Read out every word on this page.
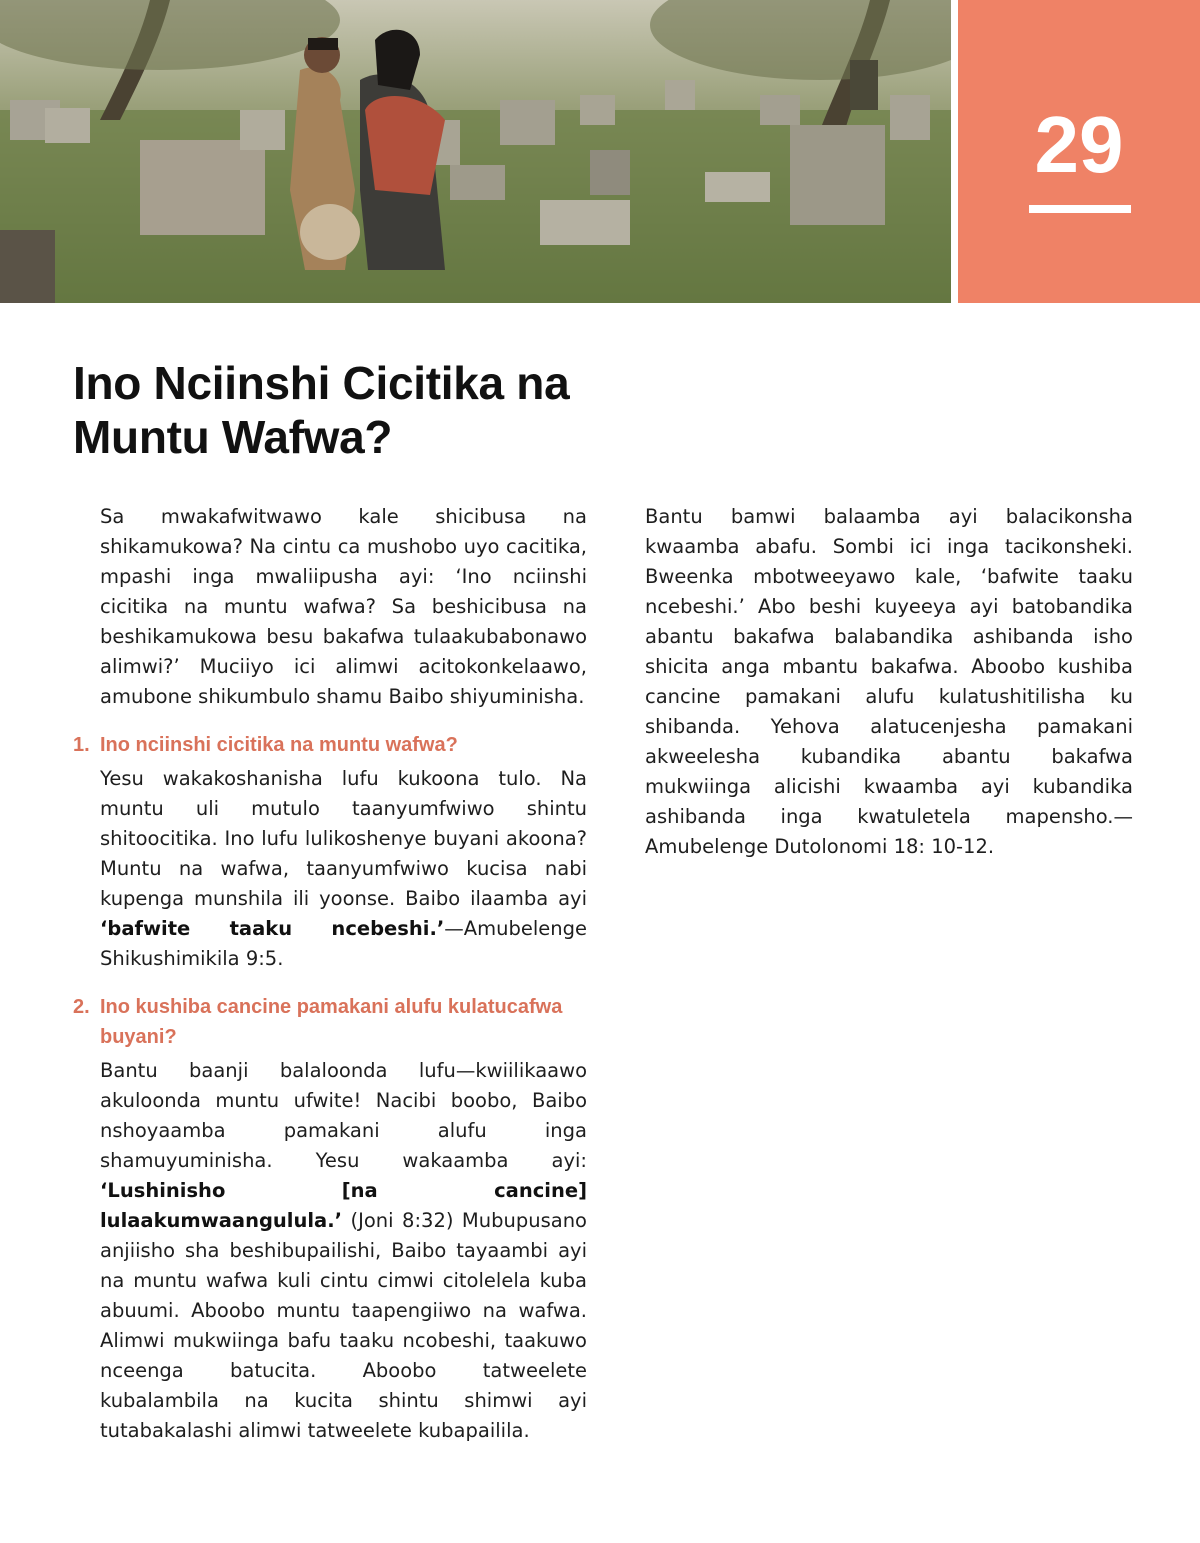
29
Ino Nciinshi Cicitika na
Muntu Wafwa?

Sa mwakafwitwawo kale shicibusa na shikamukowa? Na cintu ca mushobo uyo cacitika, mpashi inga mwaliipusha ayi: ‘Ino nciinshi cicitika na muntu wafwa? Sa beshicibusa na beshikamukowa besu bakafwa tulaakubabonawo alimwi?’ Muciiyo ici alimwi acitokonkelaawo, amubone shikumbulo shamu Baibo shiyuminisha.

1. Ino nciinshi cicitika na muntu wafwa?

Yesu wakakoshanisha lufu kukoona tulo. Na muntu uli mutulo taanyumfwiwo shintu shitoocitika. Ino lufu lulikoshenye buyani akoona? Muntu na wafwa, taanyumfwiwo kucisa nabi kupenga munshila ili yoonse. Baibo ilaamba ayi ‘bafwite taaku ncebeshi.’—Amubelenge Shikushimikila 9:5.

2. Ino kushiba cancine pamakani alufu kulatucafwa buyani?

Bantu baanji balaloonda lufu—kwiilikaawo akuloonda muntu ufwite! Nacibi boobo, Baibo nshoyaamba pamakani alufu inga shamuyuminisha. Yesu wakaamba ayi: ‘Lushinisho [na cancine] lulaakumwaangulula.’ (Joni 8:32) Mubupusano anjiisho sha beshibupailishi, Baibo tayaambi ayi na muntu wafwa kuli cintu cimwi citolelela kuba abuumi. Aboobo muntu taapengiiwo na wafwa. Alimwi mukwiinga bafu taaku ncobeshi, taakuwo nceenga batucita. Aboobo tatweelete kubalambila na kucita shintu shimwi ayi tutabakalashi alimwi tatweelete kubapailila.

Bantu bamwi balaamba ayi balacikonsha kwaamba abafu. Sombi ici inga tacikonsheki. Bweenka mbotweeyawo kale, ‘bafwite taaku ncebeshi.’ Abo beshi kuyeeya ayi batobandika abantu bakafwa balabandika ashibanda isho shicita anga mbantu bakafwa. Aboobo kushiba cancine pamakani alufu kulatushitilisha ku shibanda. Yehova alatucenjesha pamakani akweelesha kubandika abantu bakafwa mukwiinga alicishi kwaamba ayi kubandika ashibanda inga kwatuletela mapensho.—Amubelenge Dutolonomi 18: 10-12.
